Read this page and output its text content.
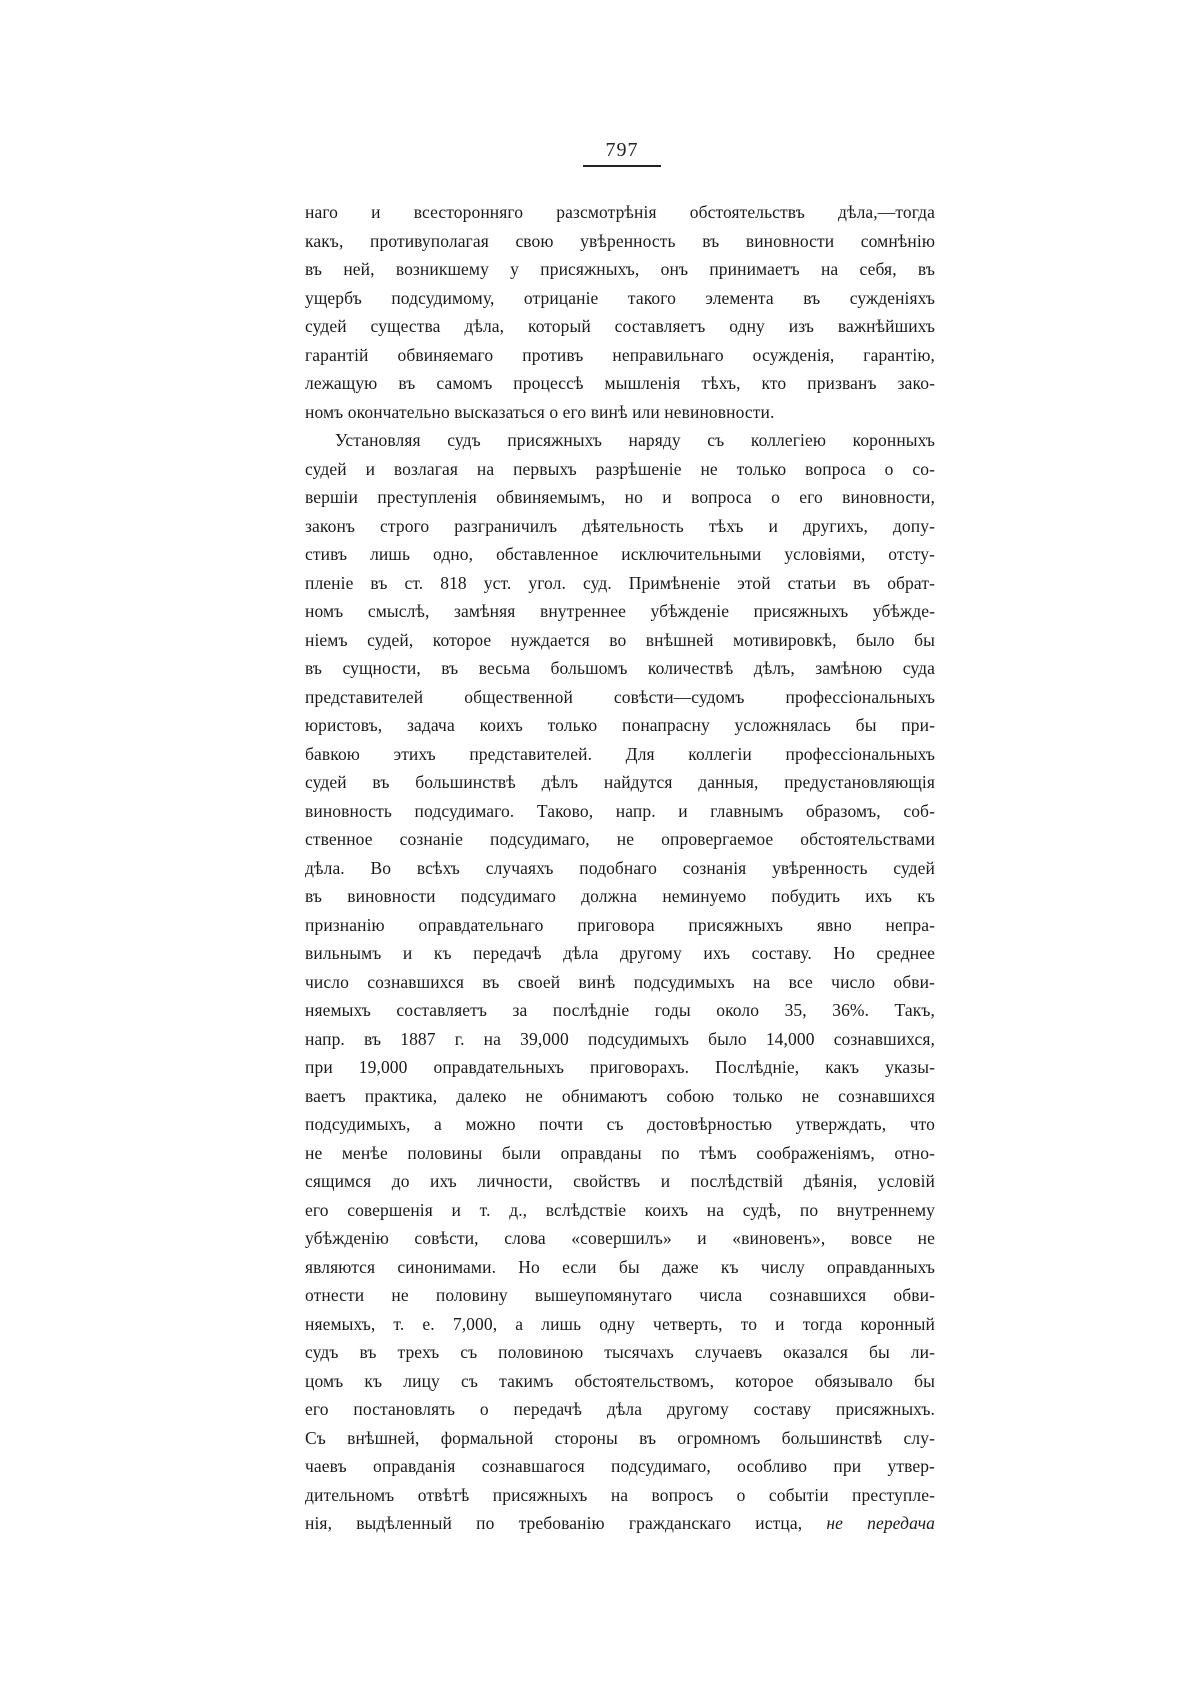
797
наго и всесторонняго разсмотрѣнія обстоятельствъ дѣла,—тогда
какъ, противуполагая свою увѣренность въ виновности сомнѣнію
въ ней, возникшему у присяжныхъ, онъ принимаетъ на себя, въ
ущербъ подсудимому, отрицаніе такого элемента въ сужденіяхъ
судей существа дѣла, который составляетъ одну изъ важнѣйшихъ
гарантій обвиняемаго противъ неправильнаго осужденія, гарантію,
лежащую въ самомъ процессѣ мышленія тѣхъ, кто призванъ зако-
номъ окончательно высказаться о его винѣ или невиновности.
Установляя судъ присяжныхъ наряду съ коллегіею коронныхъ
судей и возлагая на первыхъ разрѣшеніе не только вопроса о со-
вершіи преступленія обвиняемымъ, но и вопроса о его виновности,
законъ строго разграничилъ дѣятельность тѣхъ и другихъ, допу-
стивъ лишь одно, обставленное исключительными условіями, отсту-
пленіе въ ст. 818 уст. угол. суд. Примѣненіе этой статьи въ обрат-
номъ смыслѣ, замѣняя внутреннее убѣжденіе присяжныхъ убѣжде-
ніемъ судей, которое нуждается во внѣшней мотивировкѣ, было бы
въ сущности, въ весьма большомъ количествѣ дѣлъ, замѣною суда
представителей общественной совѣсти—судомъ профессіональныхъ
юристовъ, задача коихъ только понапрасну усложнялась бы при-
бавкою этихъ представителей. Для коллегіи профессіональныхъ
судей въ большинствѣ дѣлъ найдутся данныя, предустановляющія
виновность подсудимаго. Таково, напр. и главнымъ образомъ, соб-
ственное сознаніе подсудимаго, не опровергаемое обстоятельствами
дѣла. Во всѣхъ случаяхъ подобнаго сознанія увѣренность судей
въ виновности подсудимаго должна неминуемо побудить ихъ къ
признанію оправдательнаго приговора присяжныхъ явно непра-
вильнымъ и къ передачѣ дѣла другому ихъ составу. Но среднее
число сознавшихся въ своей винѣ подсудимыхъ на все число обви-
няемыхъ составляетъ за послѣдніе годы около 35, 36%. Такъ,
напр. въ 1887 г. на 39,000 подсудимыхъ было 14,000 сознавшихся,
при 19,000 оправдательныхъ приговорахъ. Послѣдніе, какъ указы-
ваетъ практика, далеко не обнимаютъ собою только не сознавшихся
подсудимыхъ, а можно почти съ достовѣрностью утверждать, что
не менѣе половины были оправданы по тѣмъ соображеніямъ, отно-
сящимся до ихъ личности, свойствъ и послѣдствій дѣянія, условій
его совершенія и т. д., вслѣдствіе коихъ на судѣ, по внутреннему
убѣжденію совѣсти, слова «совершилъ» и «виновенъ», вовсе не
являются синонимами. Но если бы даже къ числу оправданныхъ
отнести не половину вышеупомянутаго числа сознавшихся обви-
няемыхъ, т. е. 7,000, а лишь одну четверть, то и тогда коронный
судъ въ трехъ съ половиною тысячахъ случаевъ оказался бы ли-
цомъ къ лицу съ такимъ обстоятельствомъ, которое обязывало бы
его постановлять о передачѣ дѣла другому составу присяжныхъ.
Съ внѣшней, формальной стороны въ огромномъ большинствѣ слу-
чаевъ оправданія сознавшагося подсудимаго, особливо при утвер-
дительномъ отвѣтѣ присяжныхъ на вопросъ о событіи преступле-
нія, выдѣленный по требованію гражданскаго истца, не передача
